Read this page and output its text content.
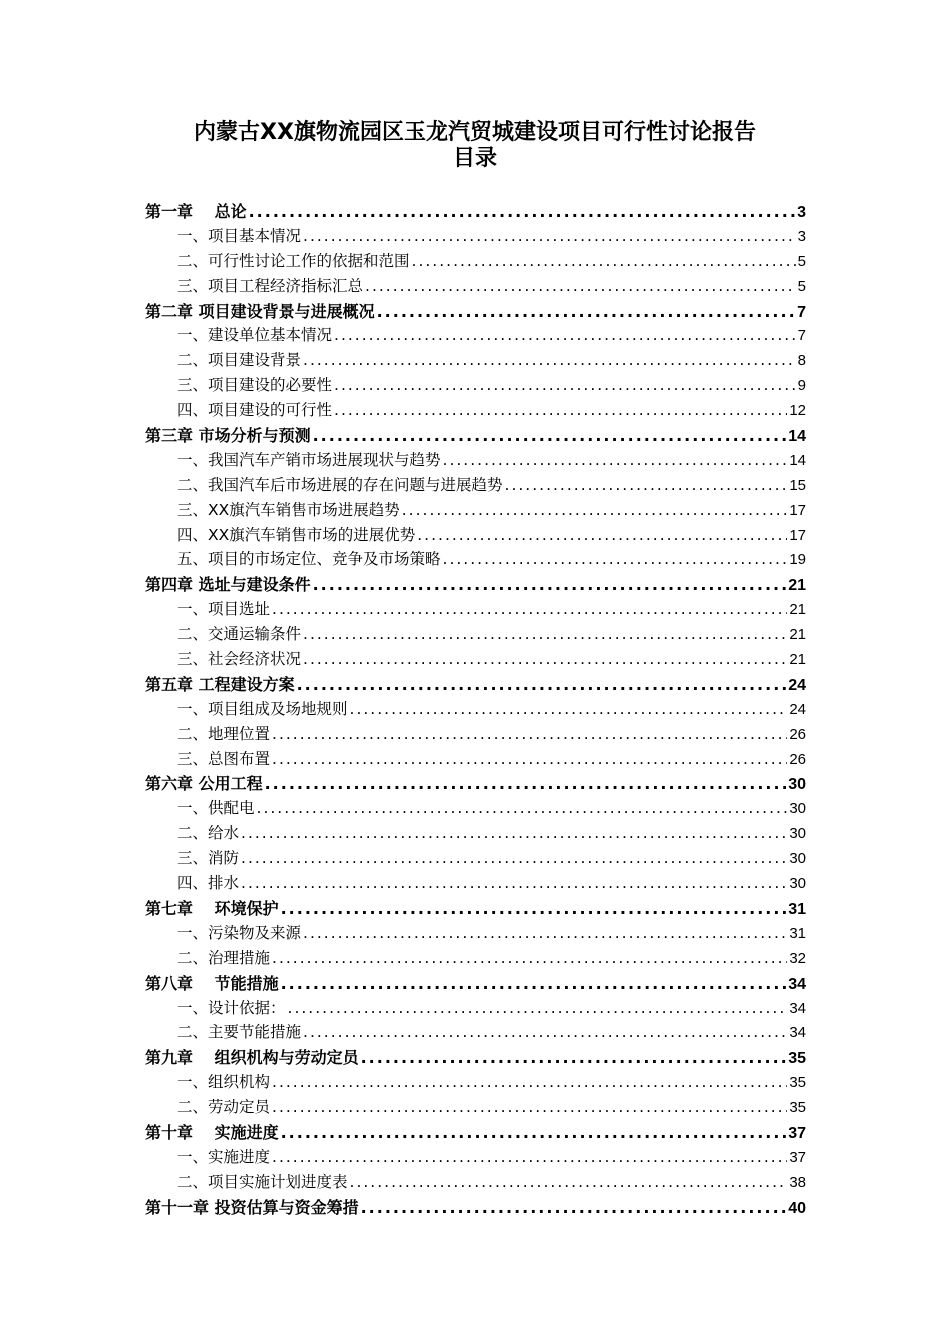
内蒙古XX旗物流园区玉龙汽贸城建设项目可行性讨论报告
目录
第一章　 总论 .....	3
一、项目基本情况 .....	3
二、可行性讨论工作的依据和范围 .....	5
三、项目工程经济指标汇总 .....	5
第二章 项目建设背景与进展概况 .....	7
一、建设单位基本情况 .....	7
二、项目建设背景 .....	8
三、项目建设的必要性 .....	9
四、项目建设的可行性 .....	12
第三章 市场分析与预测 .....	14
一、我国汽车产销市场进展现状与趋势 .....	14
二、我国汽车后市场进展的存在问题与进展趋势 .....	15
三、XX旗汽车销售市场进展趋势 .....	17
四、XX旗汽车销售市场的进展优势 .....	17
五、项目的市场定位、竞争及市场策略 .....	19
第四章 选址与建设条件 .....	21
一、项目选址 .....	21
二、交通运输条件 .....	21
三、社会经济状况 .....	21
第五章 工程建设方案 .....	24
一、项目组成及场地规则 .....	24
二、地理位置 .....	26
三、总图布置 .....	26
第六章 公用工程 .....	30
一、供配电 .....	30
二、给水 .....	30
三、消防 .....	30
四、排水 .....	30
第七章　 环境保护 .....	31
一、污染物及来源 .....	31
二、治理措施 .....	32
第八章　 节能措施 .....	34
一、设计依据： .....	34
二、主要节能措施 .....	34
第九章　 组织机构与劳动定员 .....	35
一、组织机构 .....	35
二、劳动定员 .....	35
第十章　 实施进度 .....	37
一、实施进度 .....	37
二、项目实施计划进度表 .....	38
第十一章 投资估算与资金筹措 .....	40
